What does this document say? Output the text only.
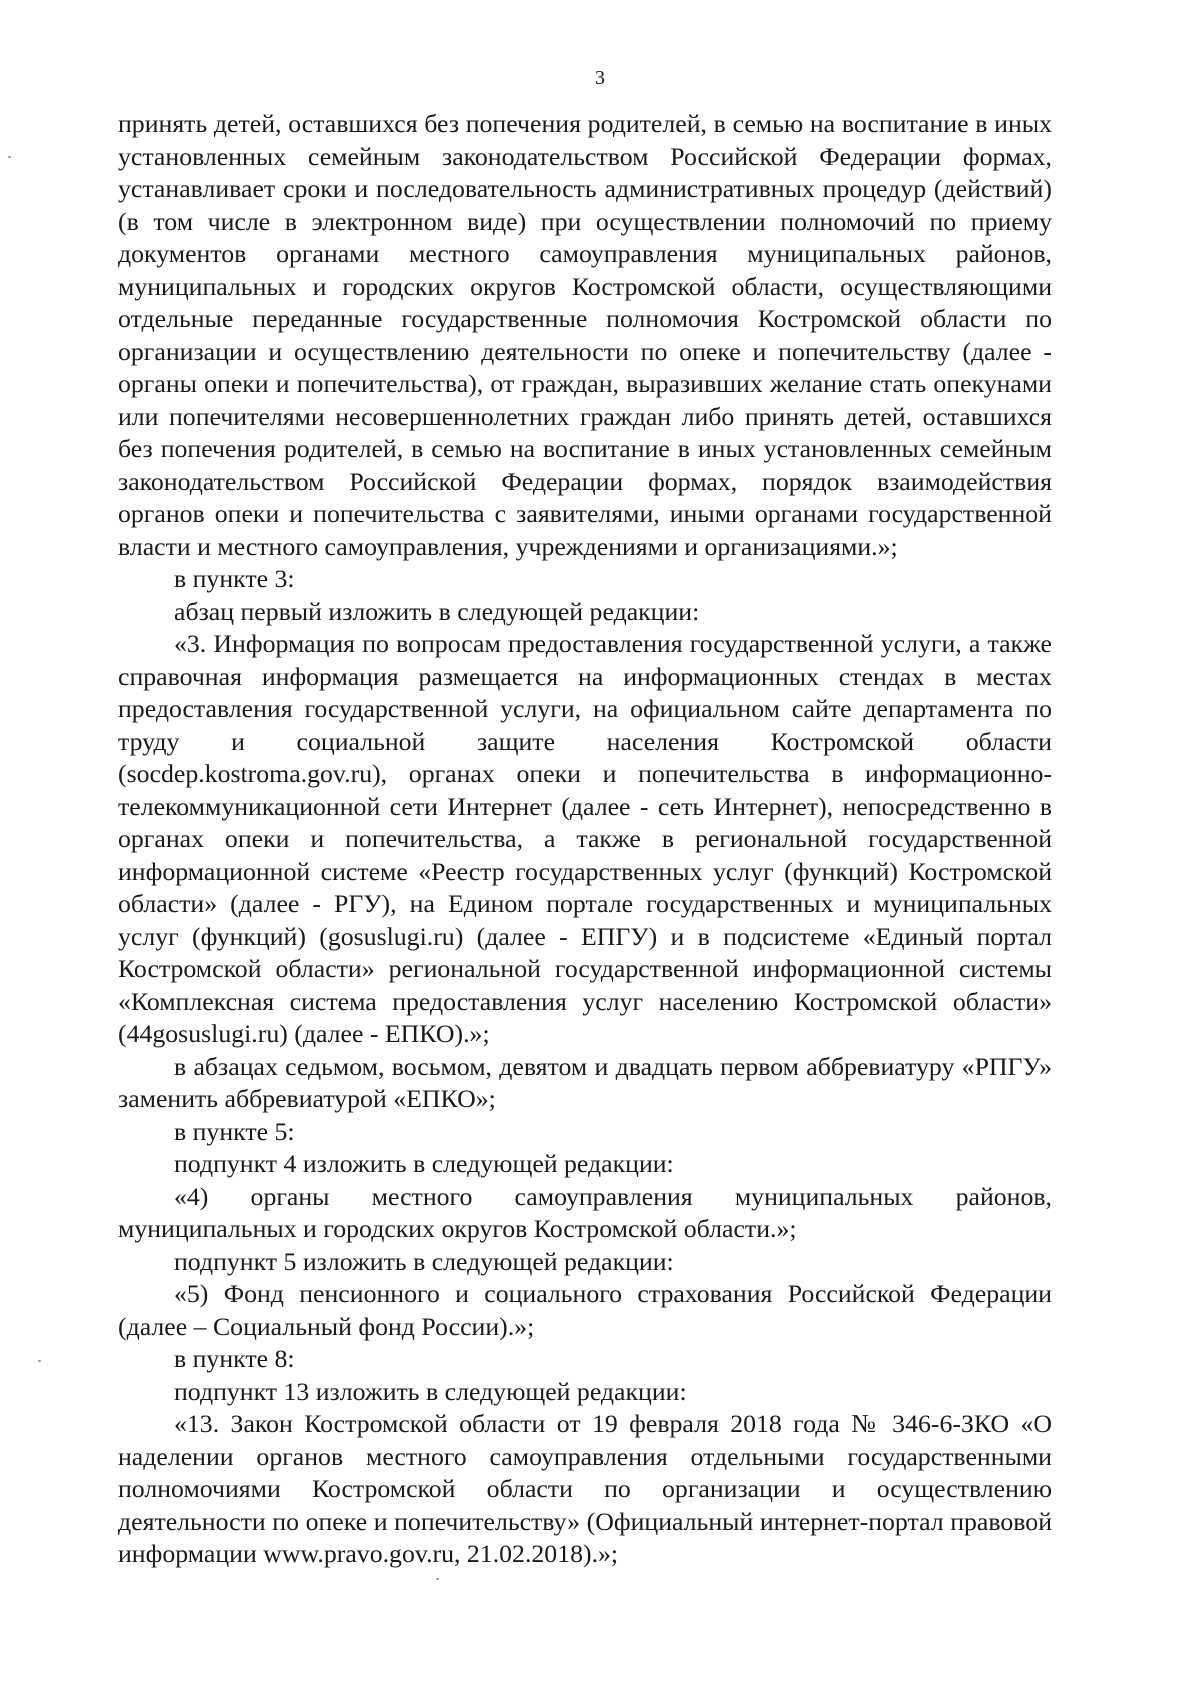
3

принять детей, оставшихся без попечения родителей, в семью на воспитание в иных установленных семейным законодательством Российской Федерации формах, устанавливает сроки и последовательность административных процедур (действий) (в том числе в электронном виде) при осуществлении полномочий по приему документов органами местного самоуправления муниципальных районов, муниципальных и городских округов Костромской области, осуществляющими отдельные переданные государственные полномочия Костромской области по организации и осуществлению деятельности по опеке и попечительству (далее - органы опеки и попечительства), от граждан, выразивших желание стать опекунами или попечителями несовершеннолетних граждан либо принять детей, оставшихся без попечения родителей, в семью на воспитание в иных установленных семейным законодательством Российской Федерации формах, порядок взаимодействия органов опеки и попечительства с заявителями, иными органами государственной власти и местного самоуправления, учреждениями и организациями.»;

в пункте 3:

абзац первый изложить в следующей редакции:

«3. Информация по вопросам предоставления государственной услуги, а также справочная информация размещается на информационных стендах в местах предоставления государственной услуги, на официальном сайте департамента по труду и социальной защите населения Костромской области (socdep.kostroma.gov.ru), органах опеки и попечительства в информационно-телекоммуникационной сети Интернет (далее - сеть Интернет), непосредственно в органах опеки и попечительства, а также в региональной государственной информационной системе «Реестр государственных услуг (функций) Костромской области» (далее - РГУ), на Едином портале государственных и муниципальных услуг (функций) (gosuslugi.ru) (далее - ЕПГУ) и в подсистеме «Единый портал Костромской области» региональной государственной информационной системы «Комплексная система предоставления услуг населению Костромской области» (44gosuslugi.ru) (далее - ЕПКО).»;

в абзацах седьмом, восьмом, девятом и двадцать первом аббревиатуру «РПГУ» заменить аббревиатурой «ЕПКО»;

в пункте 5:

подпункт 4 изложить в следующей редакции:

«4) органы местного самоуправления муниципальных районов, муниципальных и городских округов Костромской области.»;

подпункт 5 изложить в следующей редакции:

«5) Фонд пенсионного и социального страхования Российской Федерации (далее – Социальный фонд России).»;

в пункте 8:

подпункт 13 изложить в следующей редакции:

«13. Закон Костромской области от 19 февраля 2018 года № 346-6-ЗКО «О наделении органов местного самоуправления отдельными государственными полномочиями Костромской области по организации и осуществлению деятельности по опеке и попечительству» (Официальный интернет-портал правовой информации www.pravo.gov.ru, 21.02.2018).»;
